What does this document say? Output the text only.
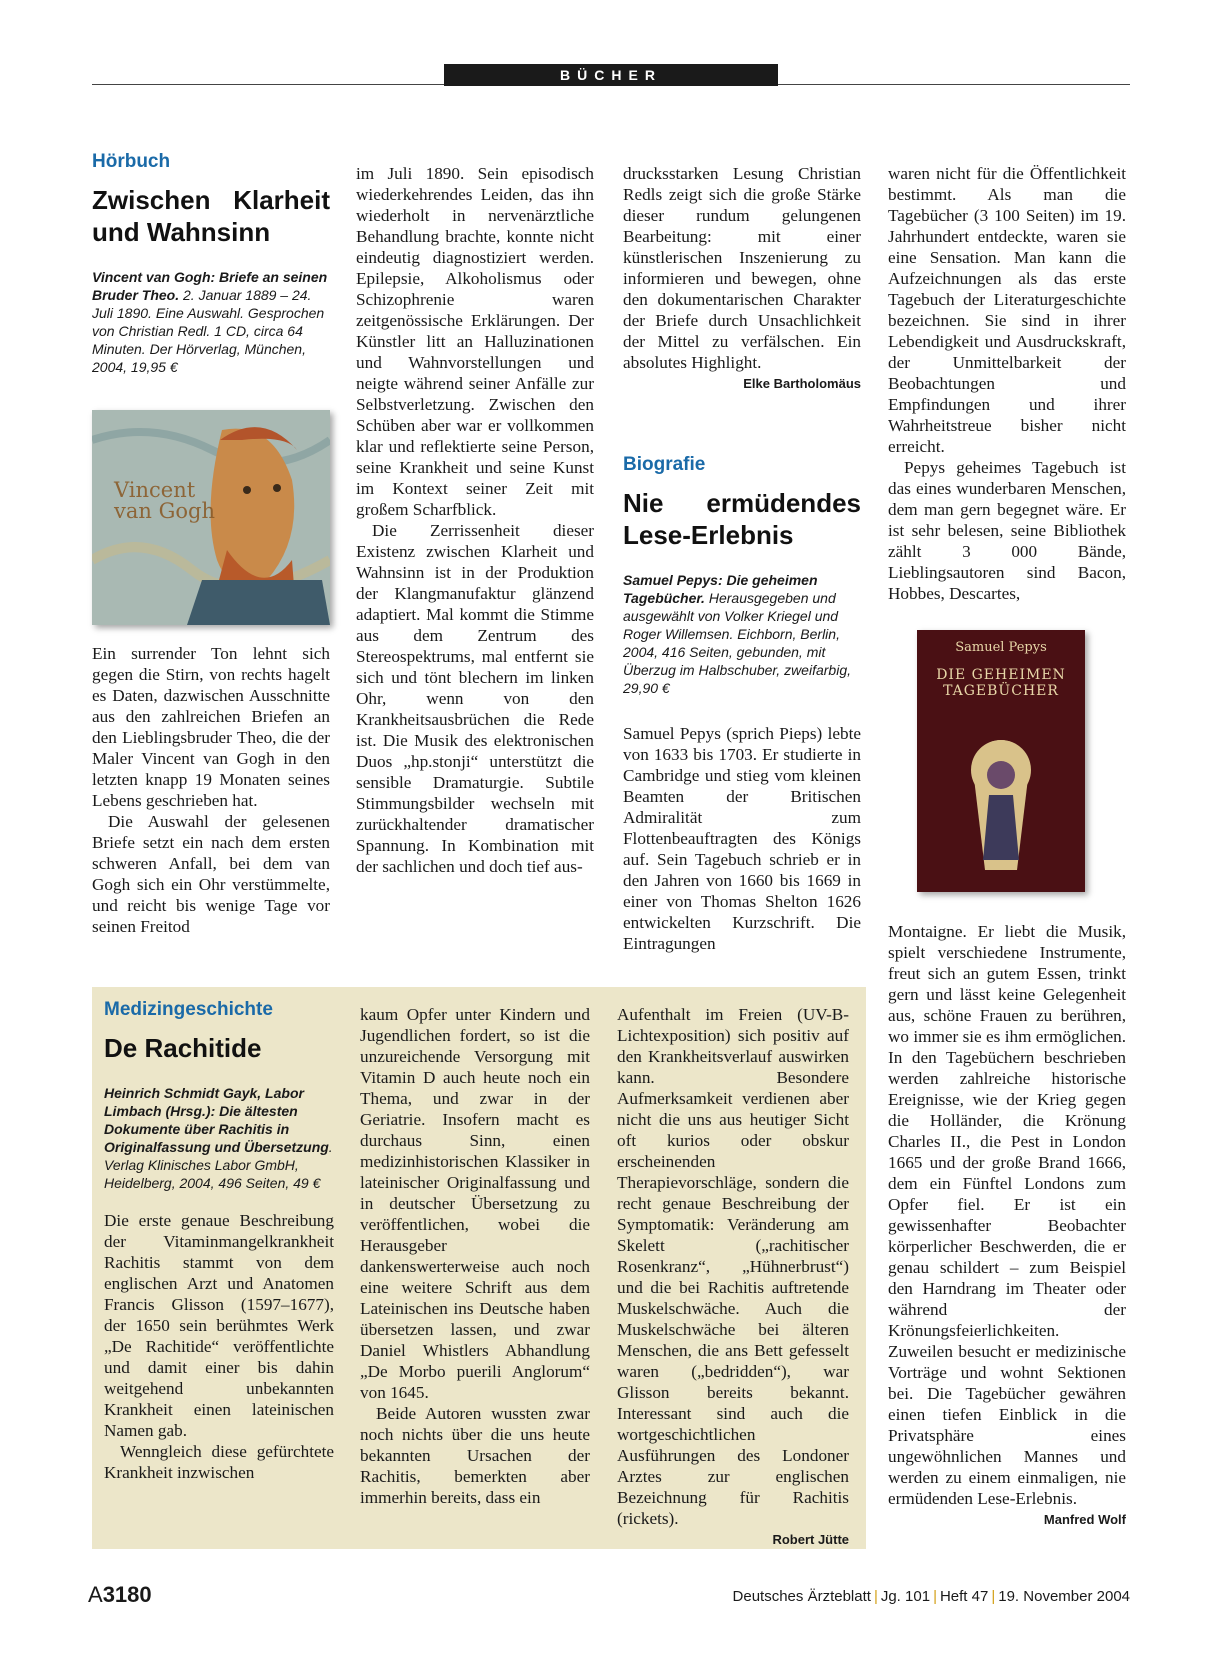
BÜCHER
Hörbuch
Zwischen Klarheit und Wahnsinn
Vincent van Gogh: Briefe an seinen Bruder Theo. 2. Januar 1889 – 24. Juli 1890. Eine Auswahl. Gesprochen von Christian Redl. 1 CD, circa 64 Minuten. Der Hörverlag, München, 2004, 19,95 €
Vincent
van Gogh

Ein surrender Ton lehnt sich gegen die Stirn, von rechts hagelt es Daten, dazwischen Ausschnitte aus den zahlreichen Briefen an den Lieblingsbruder Theo, die der Maler Vincent van Gogh in den letzten knapp 19 Monaten seines Lebens geschrieben hat.

Die Auswahl der gelesenen Briefe setzt ein nach dem ersten schweren Anfall, bei dem van Gogh sich ein Ohr verstümmelte, und reicht bis wenige Tage vor seinen Freitod

im Juli 1890. Sein episodisch wiederkehrendes Leiden, das ihn wiederholt in nervenärztliche Behandlung brachte, konnte nicht eindeutig diagnostiziert werden. Epilepsie, Alkoholismus oder Schizophrenie waren zeitgenössische Erklärungen. Der Künstler litt an Halluzinationen und Wahnvorstellungen und neigte während seiner Anfälle zur Selbstverletzung. Zwischen den Schüben aber war er vollkommen klar und reflektierte seine Person, seine Krankheit und seine Kunst im Kontext seiner Zeit mit großem Scharfblick.

Die Zerrissenheit dieser Existenz zwischen Klarheit und Wahnsinn ist in der Produktion der Klangmanufaktur glänzend adaptiert. Mal kommt die Stimme aus dem Zentrum des Stereospektrums, mal entfernt sie sich und tönt blechern im linken Ohr, wenn von den Krankheitsausbrüchen die Rede ist. Die Musik des elektronischen Duos „hp.stonji“ unterstützt die sensible Dramaturgie. Subtile Stimmungsbilder wechseln mit zurückhaltender dramatischer Spannung. In Kombination mit der sachlichen und doch tief aus-

drucksstarken Lesung Christian Redls zeigt sich die große Stärke dieser rundum gelungenen Bearbeitung: mit einer künstlerischen Inszenierung zu informieren und bewegen, ohne den dokumentarischen Charakter der Briefe durch Unsachlichkeit der Mittel zu verfälschen. Ein absolutes Highlight.

Elke Bartholomäus
Biografie
Nie ermüdendes Lese-Erlebnis
Samuel Pepys: Die geheimen Tagebücher. Herausgegeben und ausgewählt von Volker Kriegel und Roger Willemsen. Eichborn, Berlin, 2004, 416 Seiten, gebunden, mit Überzug im Halbschuber, zweifarbig, 29,90 €

Samuel Pepys (sprich Pieps) lebte von 1633 bis 1703. Er studierte in Cambridge und stieg vom kleinen Beamten der Britischen Admiralität zum Flottenbeauftragten des Königs auf. Sein Tagebuch schrieb er in den Jahren von 1660 bis 1669 in einer von Thomas Shelton 1626 entwickelten Kurzschrift. Die Eintragungen

waren nicht für die Öffentlichkeit bestimmt. Als man die Tagebücher (3 100 Seiten) im 19. Jahrhundert entdeckte, waren sie eine Sensation. Man kann die Aufzeichnungen als das erste Tagebuch der Literaturgeschichte bezeichnen. Sie sind in ihrer Lebendigkeit und Ausdruckskraft, der Unmittelbarkeit der Beobachtungen und Empfindungen und ihrer Wahrheitstreue bisher nicht erreicht.

Pepys geheimes Tagebuch ist das eines wunderbaren Menschen, dem man gern begegnet wäre. Er ist sehr belesen, seine Bibliothek zählt 3 000 Bände, Lieblingsautoren sind Bacon, Hobbes, Descartes,

Samuel Pepys
DIE GEHEIMEN
TAGEBÜCHER

Montaigne. Er liebt die Musik, spielt verschiedene Instrumente, freut sich an gutem Essen, trinkt gern und lässt keine Gelegenheit aus, schöne Frauen zu berühren, wo immer sie es ihm ermöglichen. In den Tagebüchern beschrieben werden zahlreiche historische Ereignisse, wie der Krieg gegen die Holländer, die Krönung Charles II., die Pest in London 1665 und der große Brand 1666, dem ein Fünftel Londons zum Opfer fiel. Er ist ein gewissenhafter Beobachter körperlicher Beschwerden, die er genau schildert – zum Beispiel den Harndrang im Theater oder während der Krönungsfeierlichkeiten. Zuweilen besucht er medizinische Vorträge und wohnt Sektionen bei. Die Tagebücher gewähren einen tiefen Einblick in die Privatsphäre eines ungewöhnlichen Mannes und werden zu einem einmaligen, nie ermüdenden Lese-Erlebnis.

Manfred Wolf
Medizingeschichte
De Rachitide
Heinrich Schmidt Gayk, Labor Limbach (Hrsg.): Die ältesten Dokumente über Rachitis in Originalfassung und Übersetzung. Verlag Klinisches Labor GmbH, Heidelberg, 2004, 496 Seiten, 49 €

Die erste genaue Beschreibung der Vitaminmangelkrankheit Rachitis stammt von dem englischen Arzt und Anatomen Francis Glisson (1597–1677), der 1650 sein berühmtes Werk „De Rachitide“ veröffentlichte und damit einer bis dahin weitgehend unbekannten Krankheit einen lateinischen Namen gab.

Wenngleich diese gefürchtete Krankheit inzwischen

kaum Opfer unter Kindern und Jugendlichen fordert, so ist die unzureichende Versorgung mit Vitamin D auch heute noch ein Thema, und zwar in der Geriatrie. Insofern macht es durchaus Sinn, einen medizinhistorischen Klassiker in lateinischer Originalfassung und in deutscher Übersetzung zu veröffentlichen, wobei die Herausgeber dankenswerterweise auch noch eine weitere Schrift aus dem Lateinischen ins Deutsche haben übersetzen lassen, und zwar Daniel Whistlers Abhandlung „De Morbo puerili Anglorum“ von 1645.

Beide Autoren wussten zwar noch nichts über die uns heute bekannten Ursachen der Rachitis, bemerkten aber immerhin bereits, dass ein

Aufenthalt im Freien (UV-B-Lichtexposition) sich positiv auf den Krankheitsverlauf auswirken kann. Besondere Aufmerksamkeit verdienen aber nicht die uns aus heutiger Sicht oft kurios oder obskur erscheinenden Therapievorschläge, sondern die recht genaue Beschreibung der Symptomatik: Veränderung am Skelett („rachitischer Rosenkranz“, „Hühnerbrust“) und die bei Rachitis auftretende Muskelschwäche. Auch die Muskelschwäche bei älteren Menschen, die ans Bett gefesselt waren („bedridden“), war Glisson bereits bekannt. Interessant sind auch die wortgeschichtlichen Ausführungen des Londoner Arztes zur englischen Bezeichnung für Rachitis (rickets).

Robert Jütte
A3180	Deutsches Ärzteblatt | Jg. 101 | Heft 47 | 19. November 2004
